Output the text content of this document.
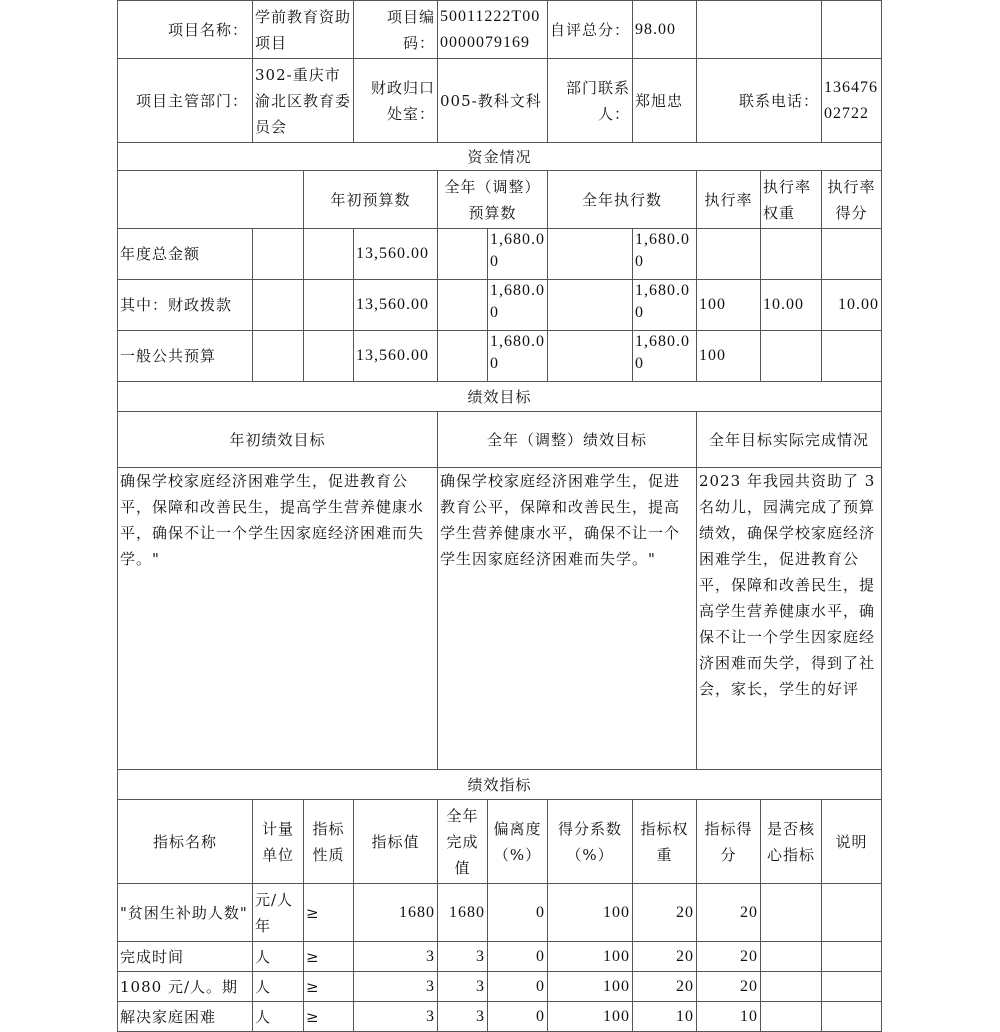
项目名称：	学前教育资助项目		项目编码：	50011222T000000079169		自评总分：	98.00			
项目主管部门：	302-重庆市渝北区教育委员会		财政归口处室：	005-教科文科		部门联系人：	郑旭忠	联系电话：		13647602722
资金情况										
		年初预算数		全年（调整）预算数		全年执行数		执行率	执行率权重	执行率得分
年度总金额			13,560.00		1,680.00		1,680.00			
其中：财政拨款			13,560.00		1,680.00		1,680.00	100	10.00	10.00
一般公共预算			13,560.00		1,680.00		1,680.00	100		
绩效目标										
年初绩效目标				全年（调整）绩效目标				全年目标实际完成情况		
确保学校家庭经济困难学生，促进教育公平，保障和改善民生，提高学生营养健康水平，确保不让一个学生因家庭经济困难而失学。"				确保学校家庭经济困难学生，促进教育公平，保障和改善民生，提高学生营养健康水平，确保不让一个学生因家庭经济困难而失学。"				2023 年我园共资助了 3 名幼儿，园满完成了预算绩效，确保学校家庭经济困难学生，促进教育公平，保障和改善民生，提高学生营养健康水平，确保不让一个学生因家庭经济困难而失学，得到了社会，家长，学生的好评		
绩效指标										
指标名称	计量单位	指标性质	指标值	全年完成值	偏离度（%）	得分系数（%）	指标权重	指标得分	是否核心指标	说明
"贫困生补助人数"	元/人年	≥	1680	1680	0	100	20	20		
完成时间	人	≥	3	3	0	100	20	20		
1080 元/人。期	人	≥	3	3	0	100	20	20		
解决家庭困难	人	≥	3	3	0	100	10	10		
